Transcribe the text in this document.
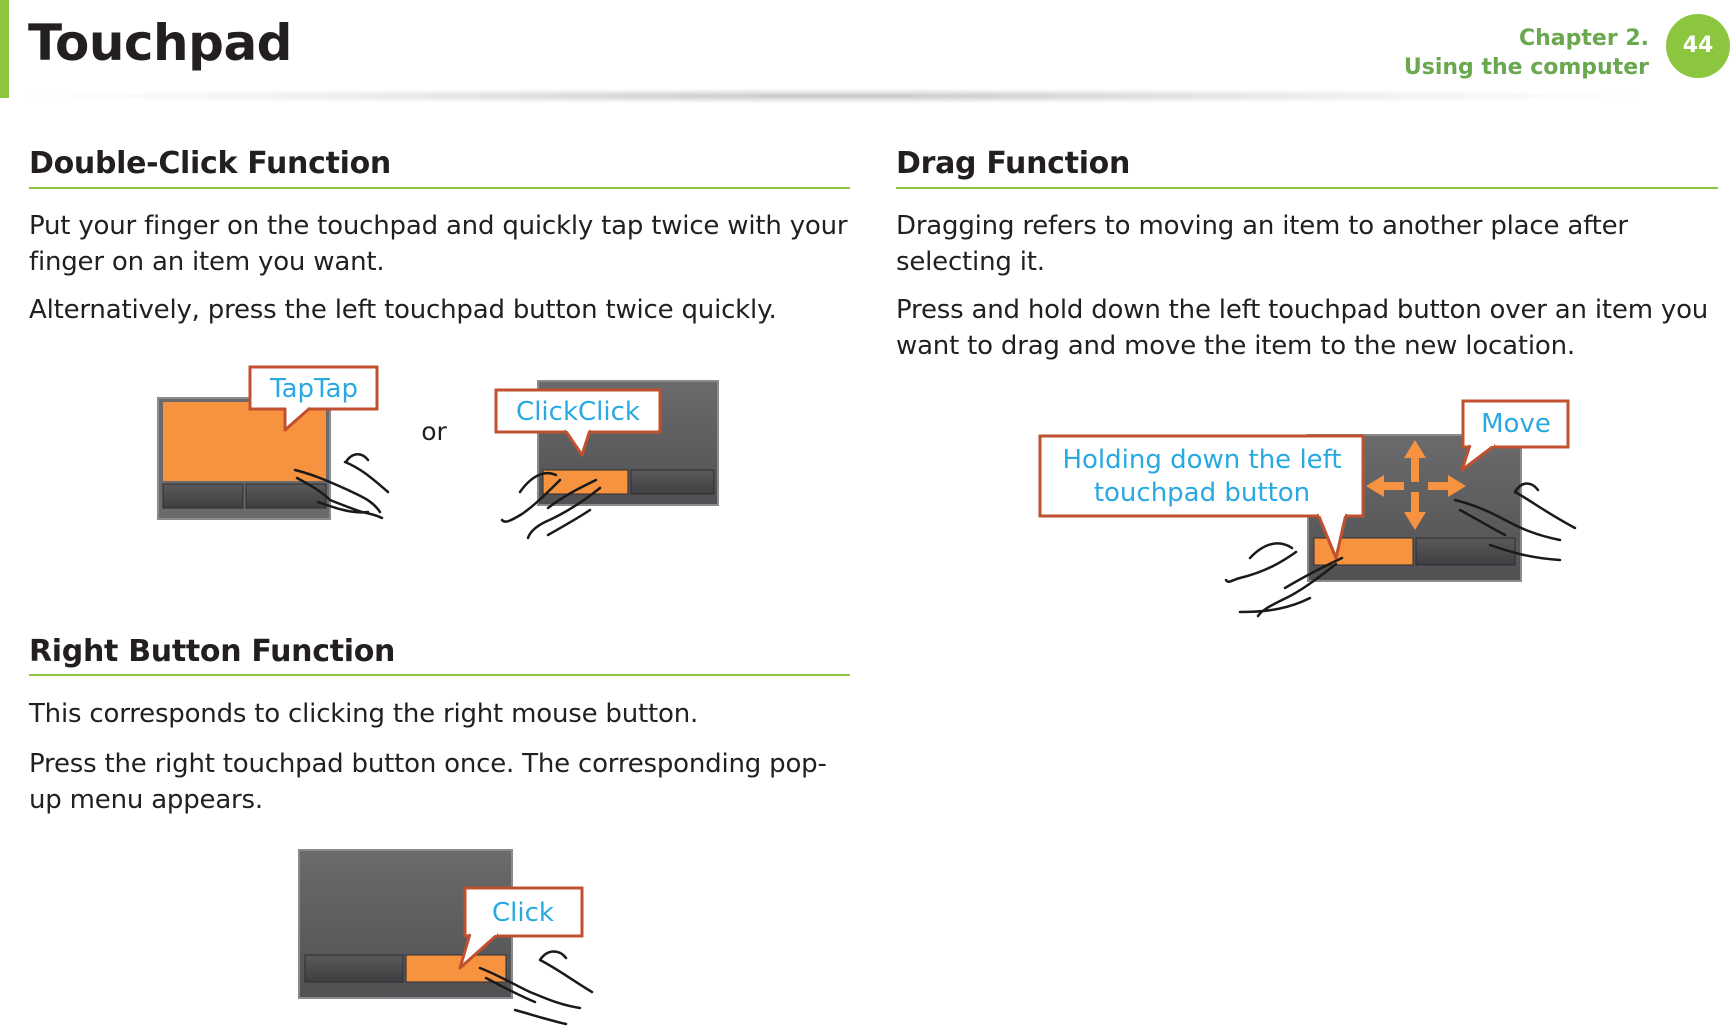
Touchpad	Chapter 2.
Using the computer
44
Double-Click Function
Put your finger on the touchpad and quickly tap twice with your finger on an item you want.
Alternatively, press the left touchpad button twice quickly.
Right Button Function
This corresponds to clicking the right mouse button.
Press the right touchpad button once. The corresponding pop-up menu appears.
Drag Function
Dragging refers to moving an item to another place after selecting it.
Press and hold down the left touchpad button over an item you want to drag and move the item to the new location.
TapTap
or
ClickClick
Click
Holding down the left
touchpad button
Move
